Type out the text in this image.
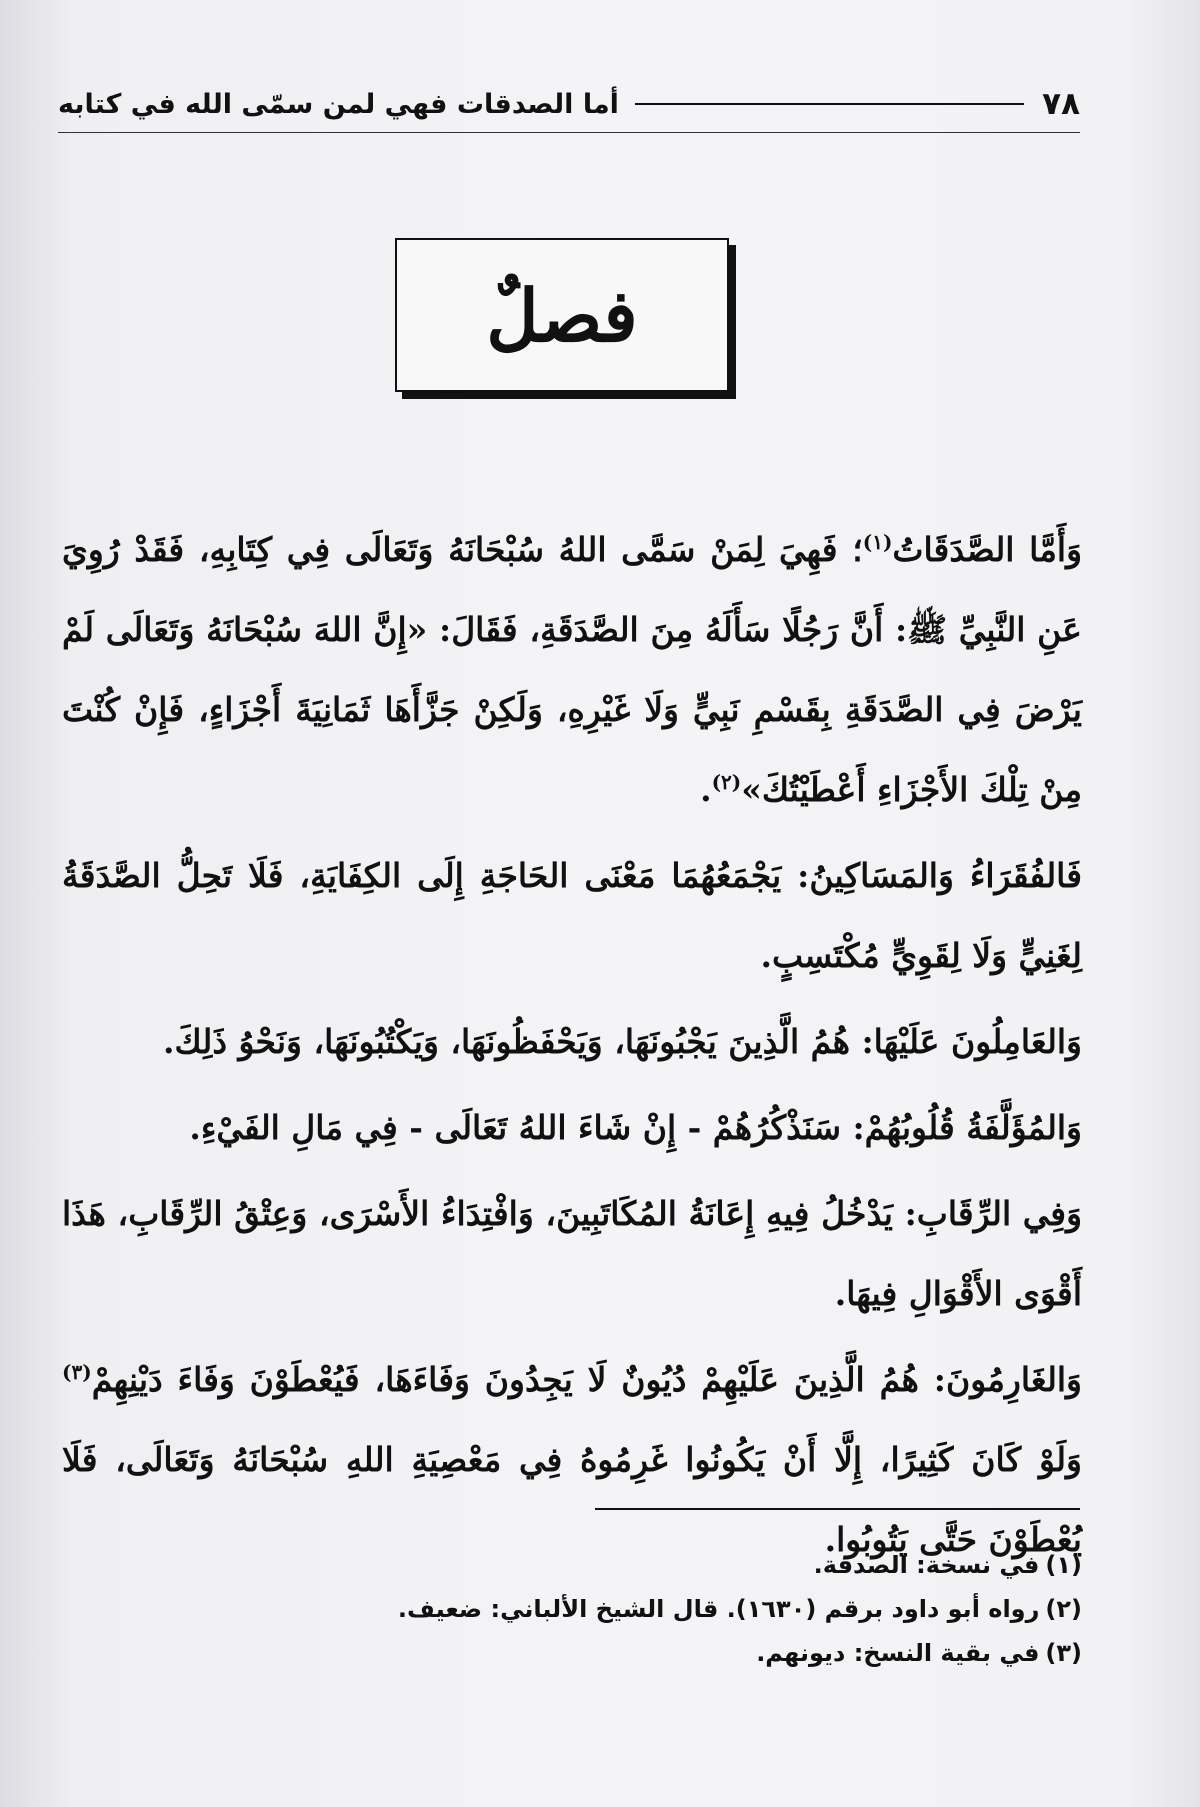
٧٨
أما الصدقات فهي لمن سمّى الله في كتابه
فصلٌ

وَأَمَّا الصَّدَقَاتُ$^{(١)}$؛ فَهِيَ لِمَنْ سَمَّى اللهُ سُبْحَانَهُ وَتَعَالَى فِي كِتَابِهِ، فَقَدْ رُوِيَ عَنِ النَّبِيِّ ﷺ: أَنَّ رَجُلًا سَأَلَهُ مِنَ الصَّدَقَةِ، فَقَالَ: «إِنَّ اللهَ سُبْحَانَهُ وَتَعَالَى لَمْ يَرْضَ فِي الصَّدَقَةِ بِقَسْمِ نَبِيٍّ وَلَا غَيْرِهِ، وَلَكِنْ جَزَّأَهَا ثَمَانِيَةَ أَجْزَاءٍ، فَإِنْ كُنْتَ مِنْ تِلْكَ الأَجْزَاءِ أَعْطَيْتُكَ»$^{(٢)}$.

فَالفُقَرَاءُ وَالمَسَاكِينُ: يَجْمَعُهُمَا مَعْنَى الحَاجَةِ إِلَى الكِفَايَةِ، فَلَا تَحِلُّ الصَّدَقَةُ لِغَنِيٍّ وَلَا لِقَوِيٍّ مُكْتَسِبٍ.

وَالعَامِلُونَ عَلَيْهَا: هُمُ الَّذِينَ يَجْبُونَهَا، وَيَحْفَظُونَهَا، وَيَكْتُبُونَهَا، وَنَحْوُ ذَلِكَ.

وَالمُؤَلَّفَةُ قُلُوبُهُمْ: سَنَذْكُرُهُمْ - إِنْ شَاءَ اللهُ تَعَالَى - فِي مَالِ الفَيْءِ.

وَفِي الرِّقَابِ: يَدْخُلُ فِيهِ إِعَانَةُ المُكَاتَبِينَ، وَافْتِدَاءُ الأَسْرَى، وَعِتْقُ الرِّقَابِ، هَذَا أَقْوَى الأَقْوَالِ فِيهَا.

وَالغَارِمُونَ: هُمُ الَّذِينَ عَلَيْهِمْ دُيُونٌ لَا يَجِدُونَ وَفَاءَهَا، فَيُعْطَوْنَ وَفَاءَ دَيْنِهِمْ$^{(٣)}$ وَلَوْ كَانَ كَثِيرًا، إِلَّا أَنْ يَكُونُوا غَرِمُوهُ فِي مَعْصِيَةِ اللهِ سُبْحَانَهُ وَتَعَالَى، فَلَا يُعْطَوْنَ حَتَّى يَتُوبُوا.

(١)في نسخة: الصدقة.

(٢)رواه أبو داود برقم (١٦٣٠). قال الشيخ الألباني: ضعيف.

(٣)في بقية النسخ: ديونهم.
